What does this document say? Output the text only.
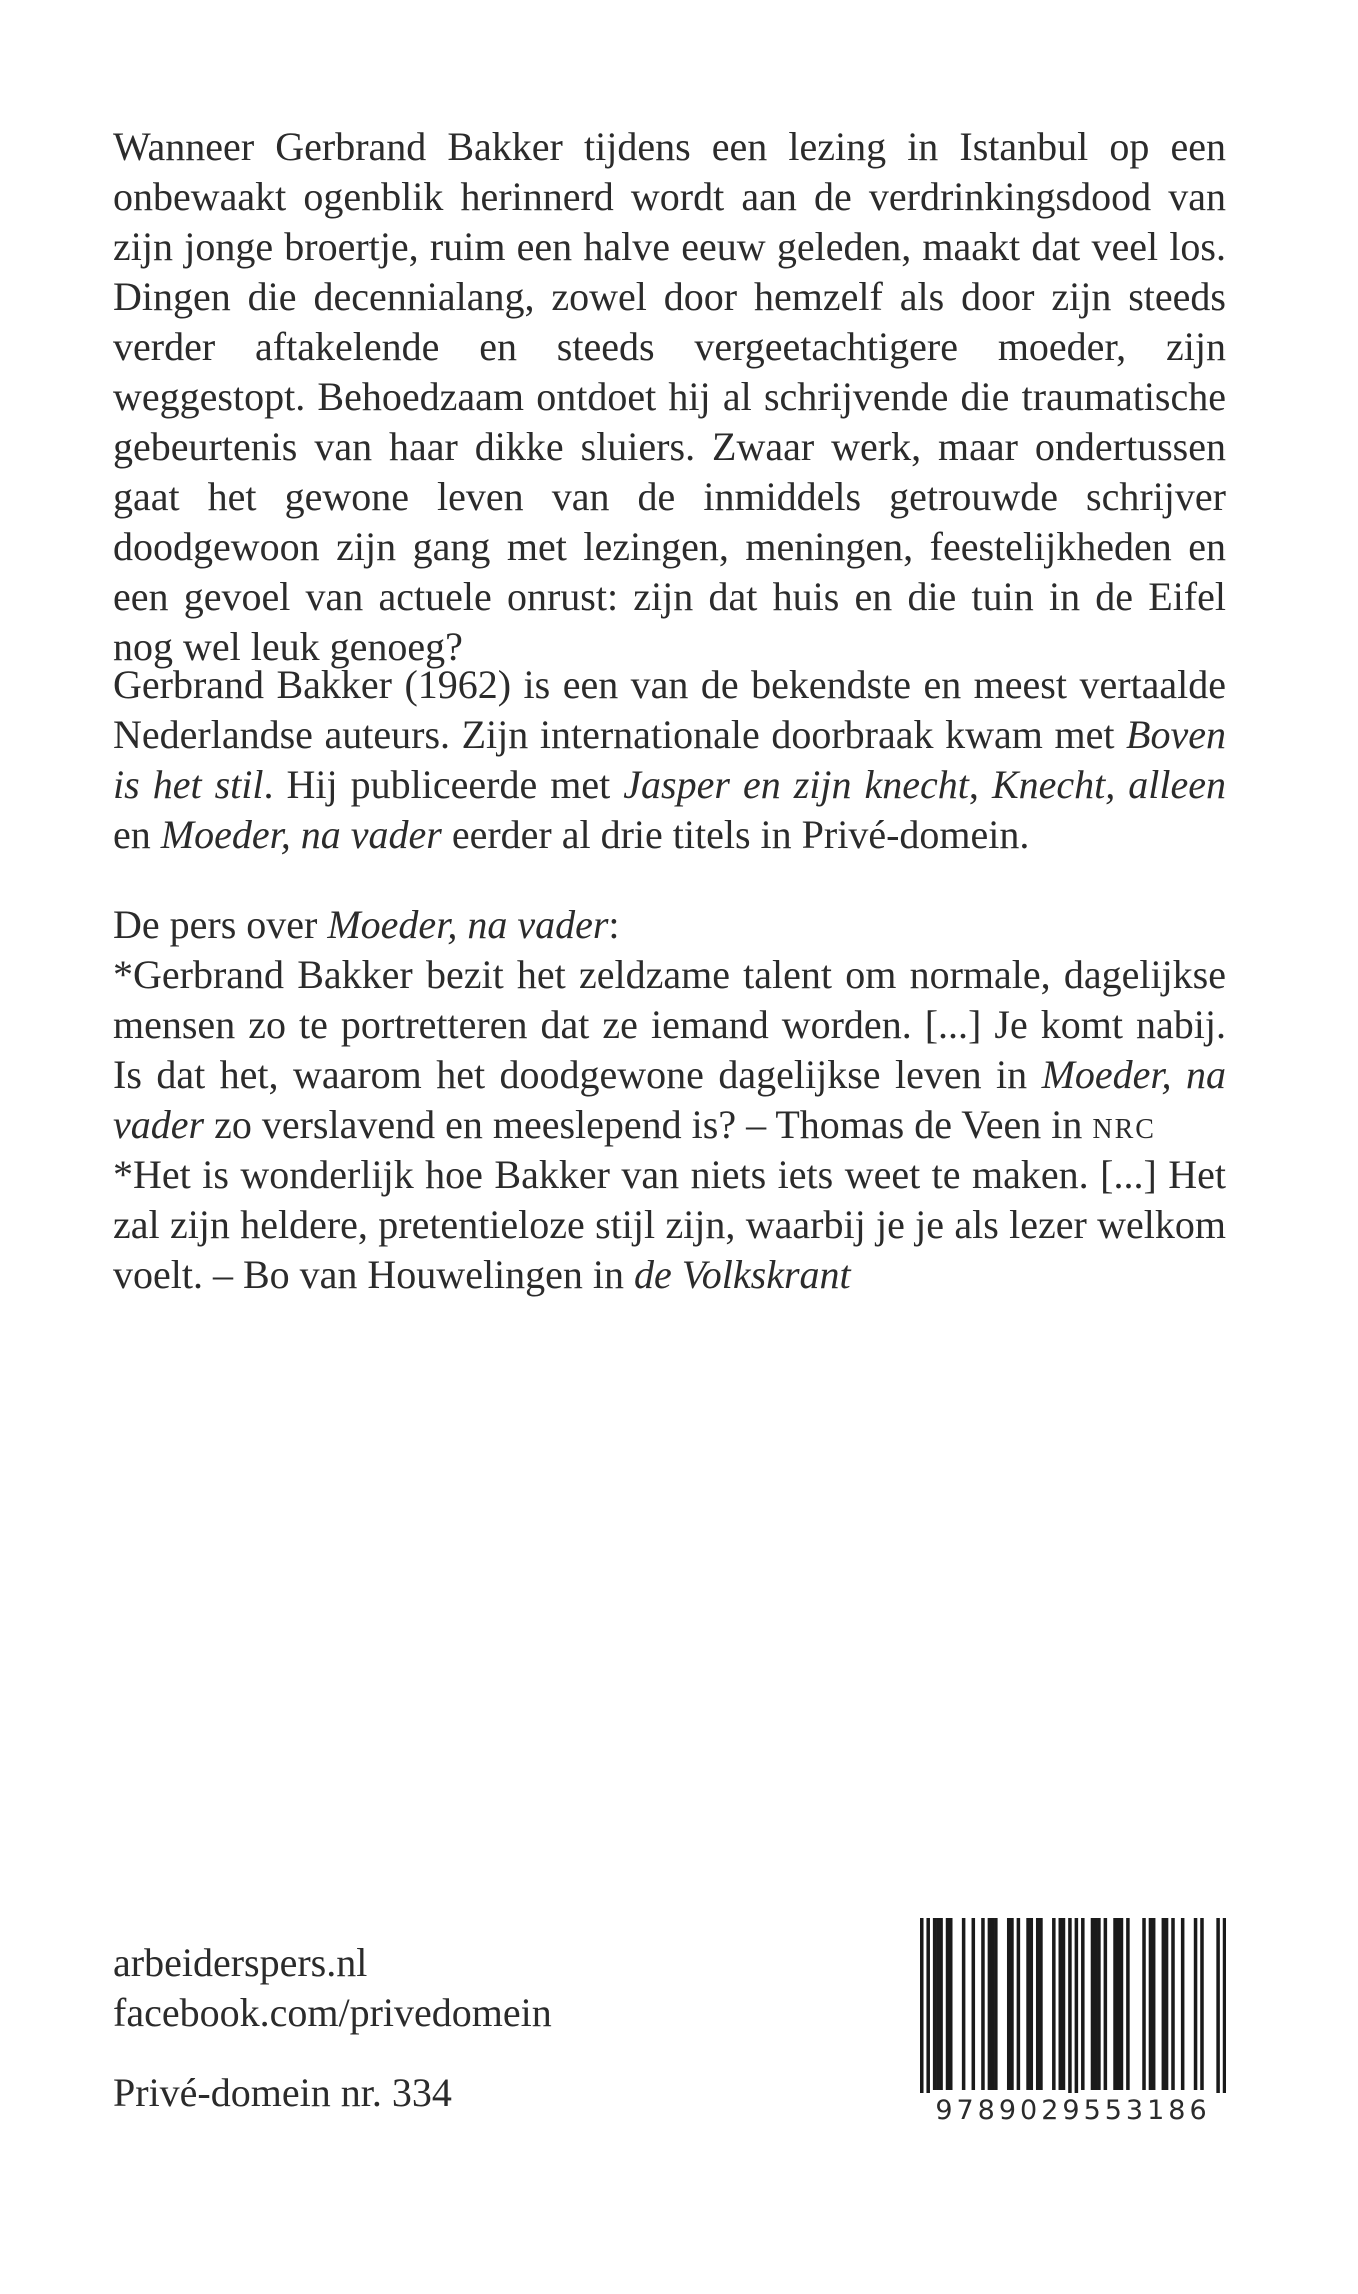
Wanneer Gerbrand Bakker tijdens een lezing in Istanbul op een onbewaakt ogenblik herinnerd wordt aan de verdrinkingsdood van zijn jonge broertje, ruim een halve eeuw geleden, maakt dat veel los. Dingen die decennialang, zowel door hemzelf als door zijn steeds verder aftakelende en steeds vergeetachtigere moeder, zijn weggestopt. Behoedzaam ontdoet hij al schrijvende die traumatische gebeurtenis van haar dikke sluiers. Zwaar werk, maar ondertussen gaat het gewone leven van de inmiddels getrouwde schrijver doodgewoon zijn gang met lezingen, meningen, feestelijkheden en een gevoel van actuele onrust: zijn dat huis en die tuin in de Eifel nog wel leuk genoeg?

Gerbrand Bakker (1962) is een van de bekendste en meest vertaalde Nederlandse auteurs. Zijn internationale doorbraak kwam met Boven is het stil. Hij publiceerde met Jasper en zijn knecht, Knecht, alleen en Moeder, na vader eerder al drie titels in Privé-domein.

De pers over Moeder, na vader:
*Gerbrand Bakker bezit het zeldzame talent om normale, dagelijkse mensen zo te portretteren dat ze iemand worden. [...] Je komt nabij. Is dat het, waarom het doodgewone dagelijkse leven in Moeder, na vader zo verslavend en meeslepend is? – Thomas de Veen in nrc
*Het is wonderlijk hoe Bakker van niets iets weet te maken. [...] Het zal zijn heldere, pretentieloze stijl zijn, waarbij je je als lezer welkom voelt. – Bo van Houwelingen in de Volkskrant
arbeiderspers.nl
facebook.com/privedomein
Privé-domein nr. 334	9789029553186
